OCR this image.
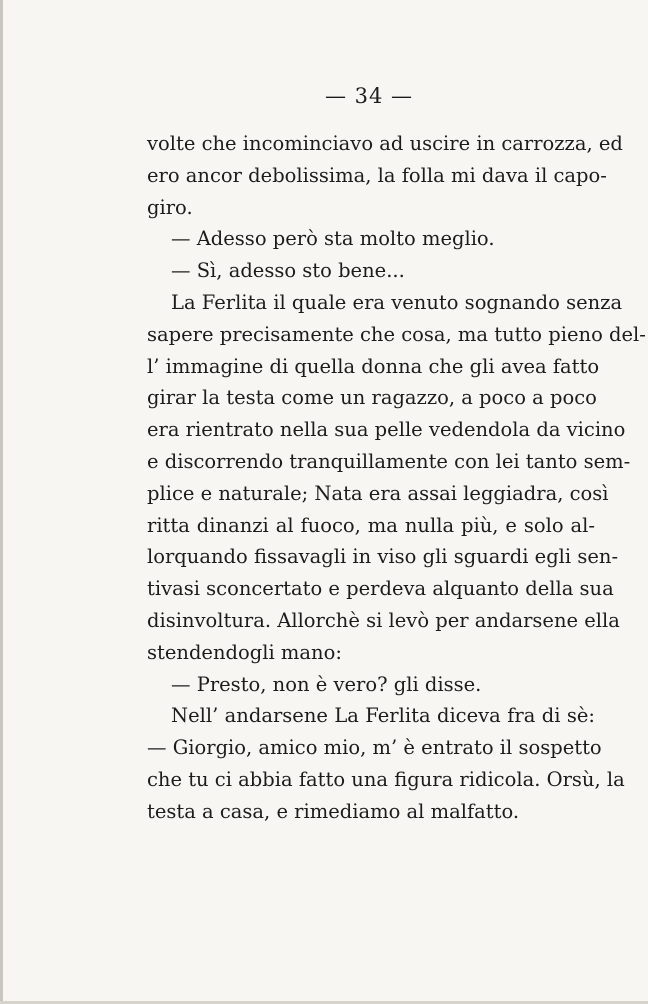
— 34 —
volte che incominciavo ad uscire in carrozza, ed
ero ancor debolissima, la folla mi dava il capo-
giro.
— Adesso però sta molto meglio.
— Sì, adesso sto bene...
La Ferlita il quale era venuto sognando senza
sapere precisamente che cosa, ma tutto pieno del-
l’ immagine di quella donna che gli avea fatto
girar la testa come un ragazzo, a poco a poco
era rientrato nella sua pelle vedendola da vicino
e discorrendo tranquillamente con lei tanto sem-
plice e naturale; Nata era assai leggiadra, così
ritta dinanzi al fuoco, ma nulla più, e solo al-
lorquando fissavagli in viso gli sguardi egli sen-
tivasi sconcertato e perdeva alquanto della sua
disinvoltura. Allorchè si levò per andarsene ella
stendendogli mano:
— Presto, non è vero? gli disse.
Nell’ andarsene La Ferlita diceva fra di sè:
— Giorgio, amico mio, m’ è entrato il sospetto
che tu ci abbia fatto una figura ridicola. Orsù, la
testa a casa, e rimediamo al malfatto.
